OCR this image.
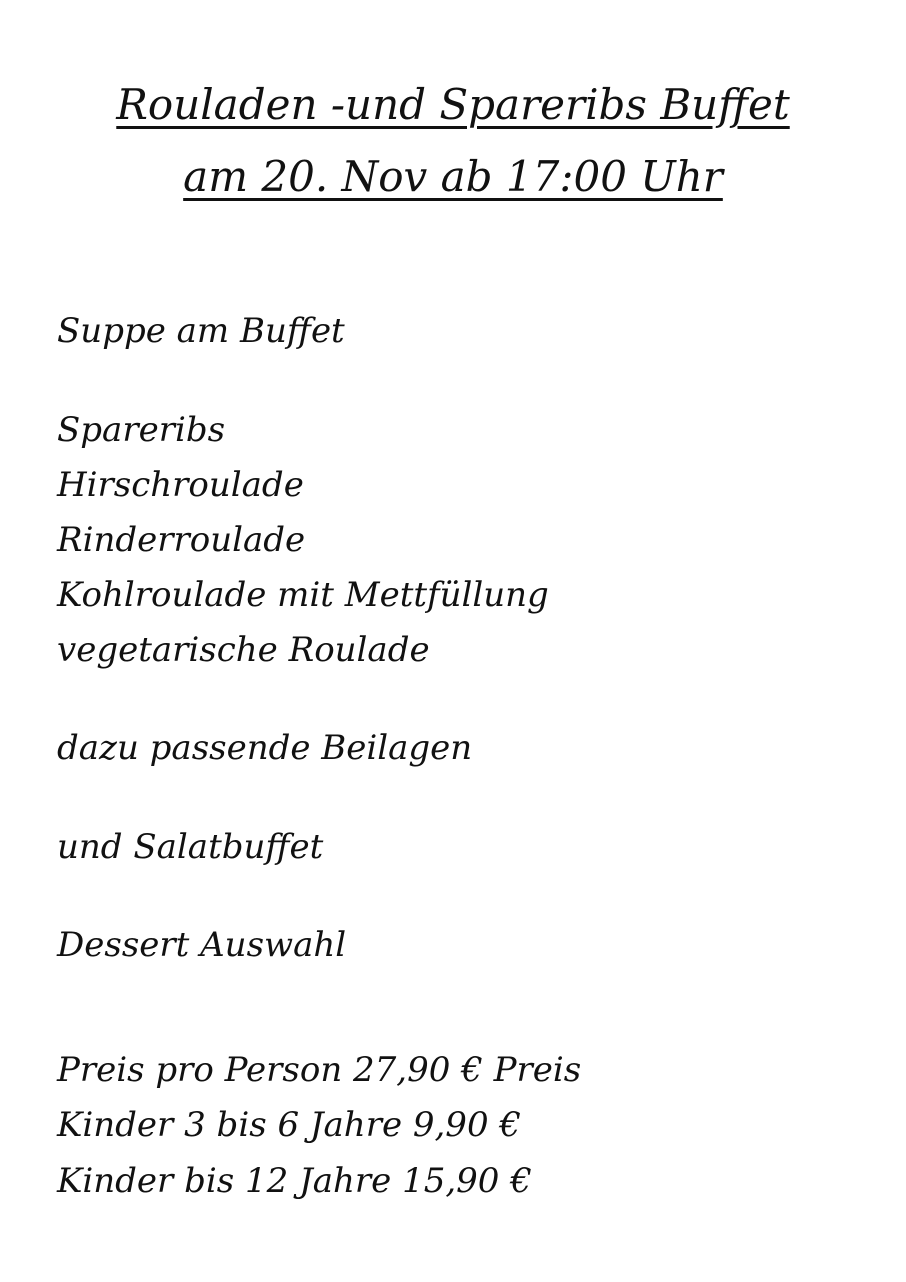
Rouladen -und Spareribs Buffet
am 20. Nov ab 17:00 Uhr

Suppe am Buffet

Spareribs

Hirschroulade

Rinderroulade

Kohlroulade mit Mettfüllung

vegetarische Roulade

dazu passende Beilagen

und Salatbuffet

Dessert Auswahl

Preis pro Person 27,90 € Preis

Kinder 3 bis 6 Jahre 9,90 €

Kinder bis 12 Jahre 15,90 €
